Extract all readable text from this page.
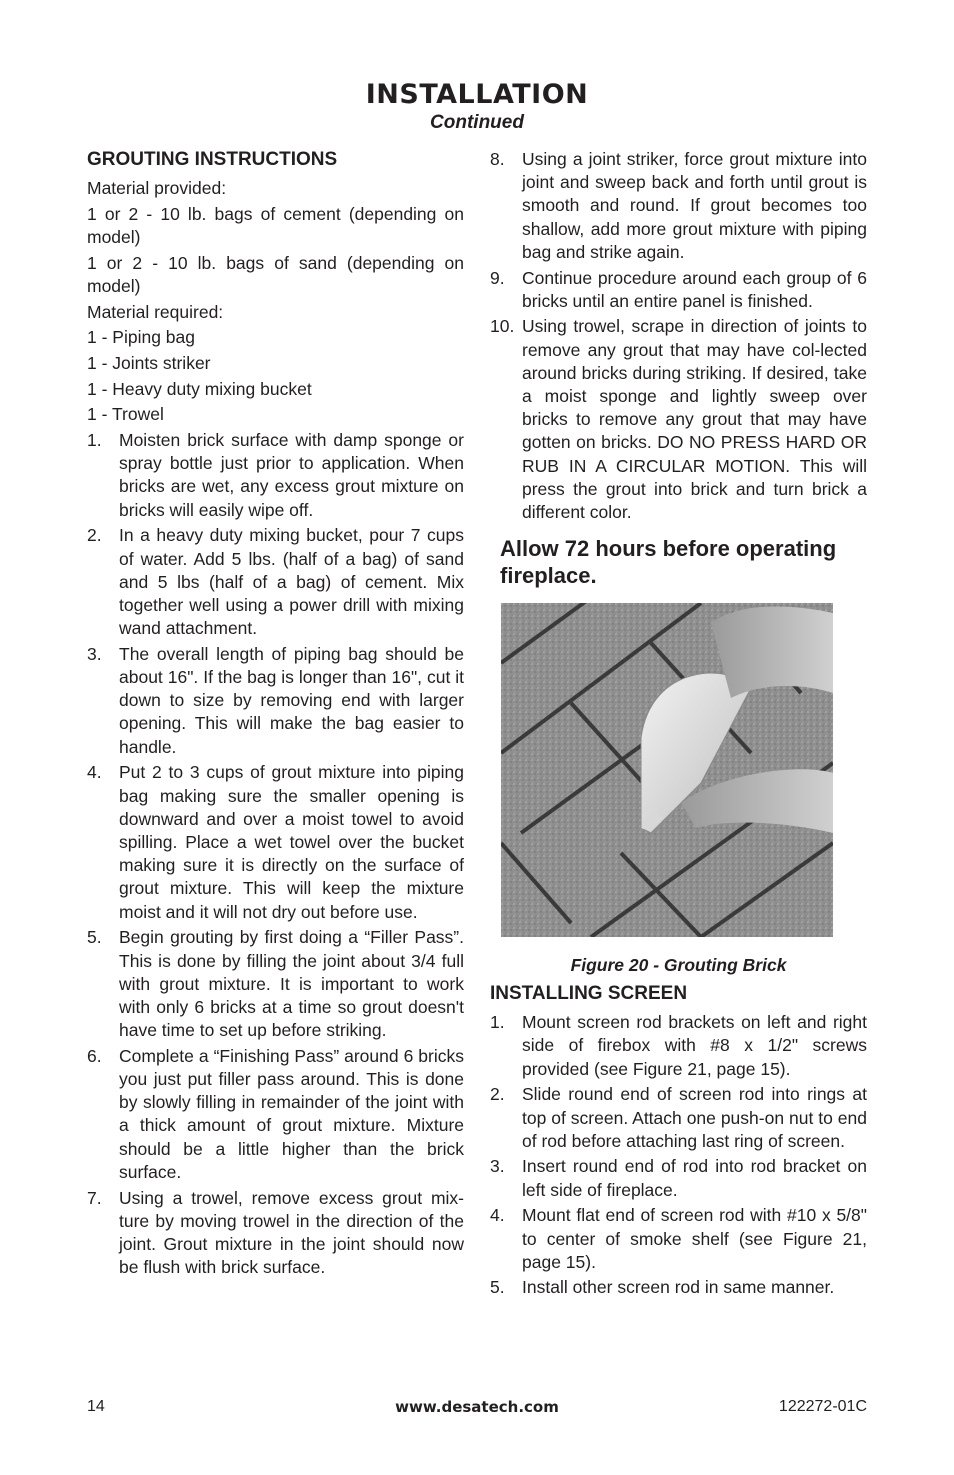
INSTALLATION
Continued
GROUTING INSTRUCTIONS

Material provided:

1 or 2 - 10 lb. bags of cement (depending on model)

1 or 2 - 10 lb. bags of sand (depending on model)

Material required:

1 - Piping bag

1 - Joints striker

1 - Heavy duty mixing bucket

1 - Trowel

1. Moisten brick surface with damp sponge or spray bottle just prior to application. When bricks are wet, any excess grout mixture on bricks will easily wipe off.
2. In a heavy duty mixing bucket, pour 7 cups of water. Add 5 lbs. (half of a bag) of sand and 5 lbs (half of a bag) of cement. Mix together well using a power drill with mixing wand attachment.
3. The overall length of piping bag should be about 16". If the bag is longer than 16", cut it down to size by removing end with larger opening. This will make the bag easier to handle.
4. Put 2 to 3 cups of grout mixture into piping bag making sure the smaller opening is downward and over a moist towel to avoid spilling. Place a wet towel over the bucket making sure it is directly on the surface of grout mixture. This will keep the mixture moist and it will not dry out before use.
5. Begin grouting by first doing a “Filler Pass”. This is done by filling the joint about 3/4 full with grout mixture. It is important to work with only 6 bricks at a time so grout doesn't have time to set up before striking.
6. Complete a “Finishing Pass” around 6 bricks you just put filler pass around. This is done by slowly filling in remainder of the joint with a thick amount of grout mixture. Mixture should be a little higher than the brick surface.
7. Using a trowel, remove excess grout mix-ture by moving trowel in the direction of the joint. Grout mixture in the joint should now be flush with brick surface.
8. Using a joint striker, force grout mixture into joint and sweep back and forth until grout is smooth and round. If grout becomes too shallow, add more grout mixture with piping bag and strike again.
9. Continue procedure around each group of 6 bricks until an entire panel is finished.
10. Using trowel, scrape in direction of joints to remove any grout that may have col-lected around bricks during striking. If desired, take a moist sponge and lightly sweep over bricks to remove any grout that may have gotten on bricks. DO NO PRESS HARD OR RUB IN A CIRCULAR MOTION. This will press the grout into brick and turn brick a different color.
Allow 72 hours before operating fireplace.
Figure 20 - Grouting Brick
INSTALLING SCREEN
1. Mount screen rod brackets on left and right side of firebox with #8 x 1/2" screws provided (see Figure 21, page 15).
2. Slide round end of screen rod into rings at top of screen. Attach one push-on nut to end of rod before attaching last ring of screen.
3. Insert round end of rod into rod bracket on left side of fireplace.
4. Mount flat end of screen rod with #10 x 5/8" to center of smoke shelf (see Figure 21, page 15).
5. Install other screen rod in same manner.
14	www.desatech.com	122272-01C
